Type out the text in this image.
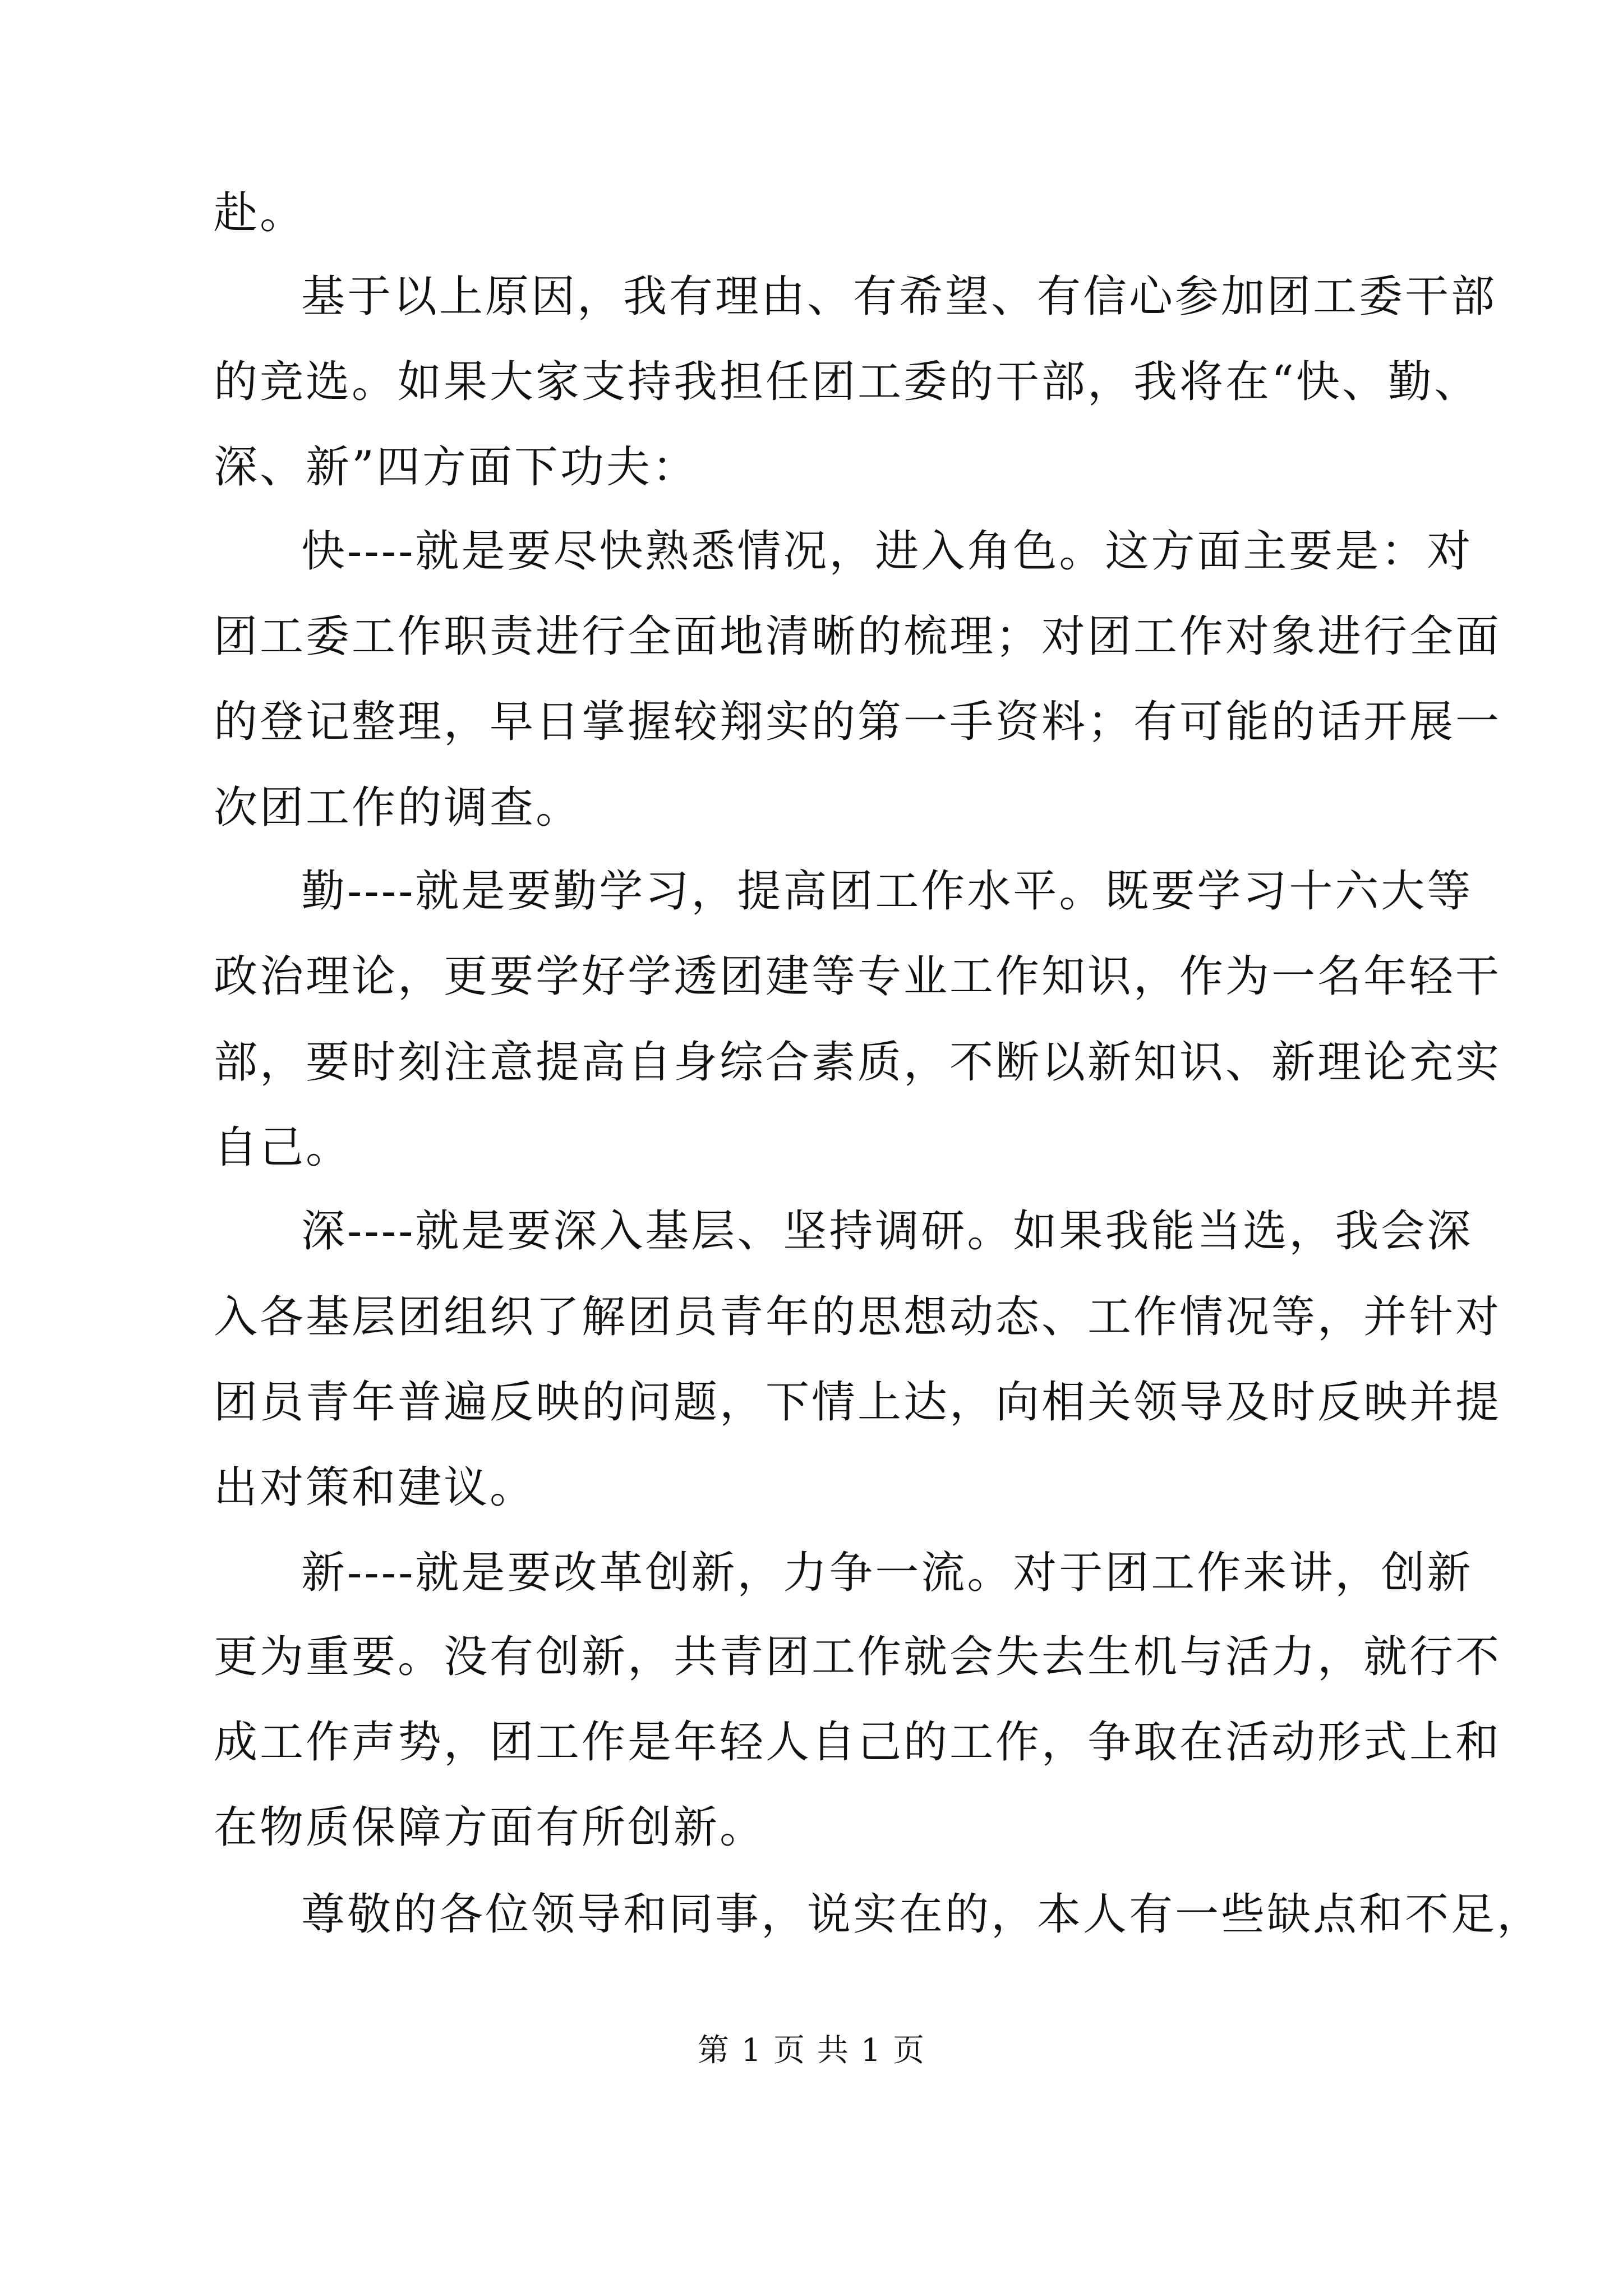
赴。
基于以上原因，我有理由、有希望、有信心参加团工委干部
的竞选。如果大家支持我担任团工委的干部，我将在“快、勤、
深、新”四方面下功夫：
快----就是要尽快熟悉情况，进入角色。这方面主要是：对
团工委工作职责进行全面地清晰的梳理；对团工作对象进行全面
的登记整理，早日掌握较翔实的第一手资料；有可能的话开展一
次团工作的调查。
勤----就是要勤学习，提高团工作水平。既要学习十六大等
政治理论，更要学好学透团建等专业工作知识，作为一名年轻干
部，要时刻注意提高自身综合素质，不断以新知识、新理论充实
自己。
深----就是要深入基层、坚持调研。如果我能当选，我会深
入各基层团组织了解团员青年的思想动态、工作情况等，并针对
团员青年普遍反映的问题，下情上达，向相关领导及时反映并提
出对策和建议。
新----就是要改革创新，力争一流。对于团工作来讲，创新
更为重要。没有创新，共青团工作就会失去生机与活力，就行不
成工作声势，团工作是年轻人自己的工作，争取在活动形式上和
在物质保障方面有所创新。
尊敬的各位领导和同事，说实在的，本人有一些缺点和不足，
第 1 页 共 1 页
